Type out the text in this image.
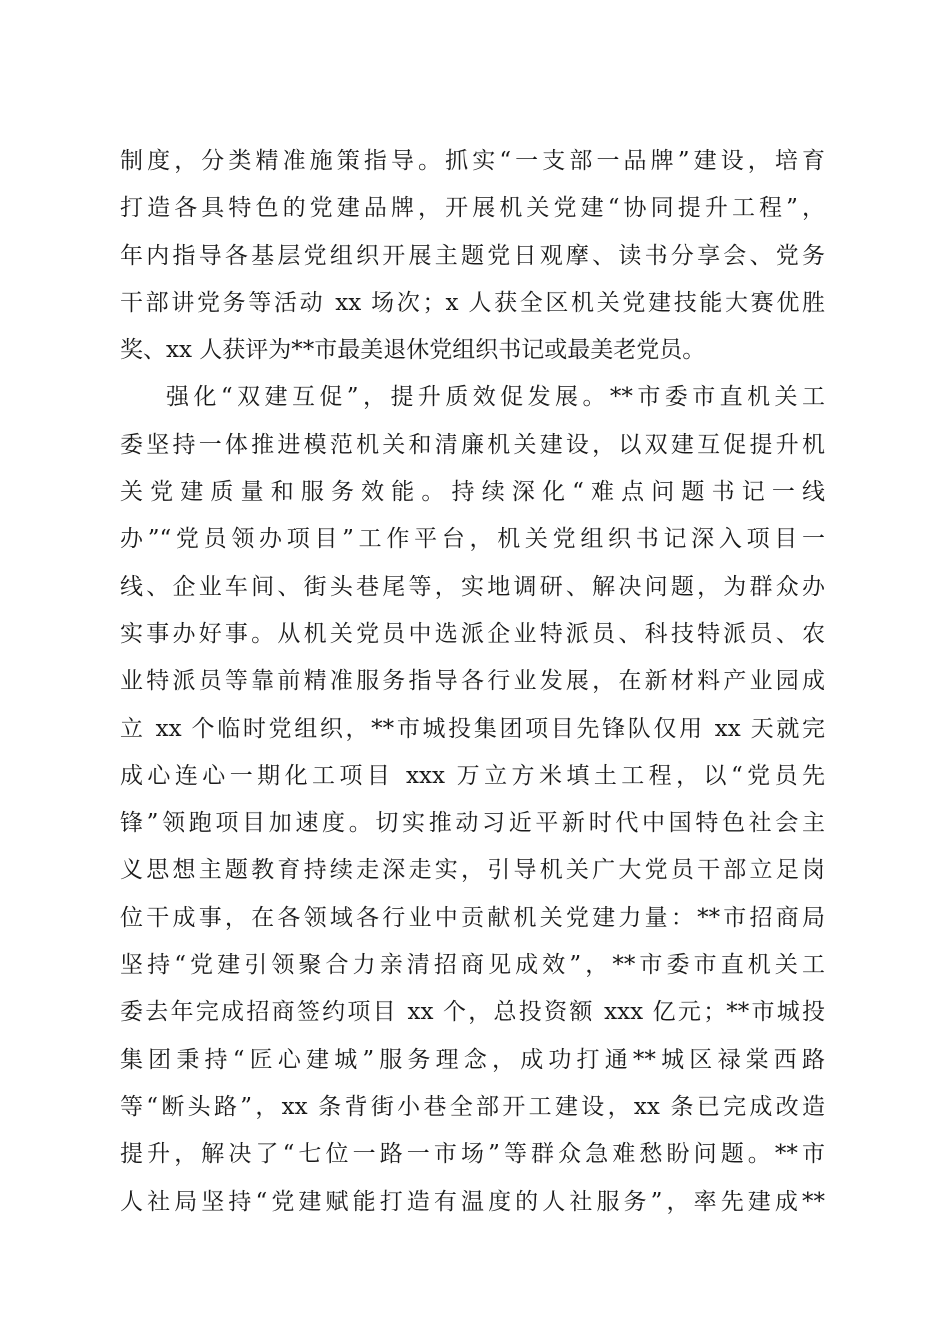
制度，分类精准施策指导。抓实“一支部一品牌”建设，培育
打造各具特色的党建品牌，开展机关党建“协同提升工程”，
年内指导各基层党组织开展主题党日观摩、读书分享会、党务
干部讲党务等活动 xx 场次；x 人获全区机关党建技能大赛优胜
奖、xx 人获评为**市最美退休党组织书记或最美老党员。
强化“双建互促”，提升质效促发展。**市委市直机关工
委坚持一体推进模范机关和清廉机关建设，以双建互促提升机
关党建质量和服务效能。持续深化“难点问题书记一线
办”“党员领办项目”工作平台，机关党组织书记深入项目一
线、企业车间、街头巷尾等，实地调研、解决问题，为群众办
实事办好事。从机关党员中选派企业特派员、科技特派员、农
业特派员等靠前精准服务指导各行业发展，在新材料产业园成
立 xx 个临时党组织，**市城投集团项目先锋队仅用 xx 天就完
成心连心一期化工项目 xxx 万立方米填土工程，以“党员先
锋”领跑项目加速度。切实推动习近平新时代中国特色社会主
义思想主题教育持续走深走实，引导机关广大党员干部立足岗
位干成事，在各领域各行业中贡献机关党建力量：**市招商局
坚持“党建引领聚合力亲清招商见成效”，**市委市直机关工
委去年完成招商签约项目 xx 个，总投资额 xxx 亿元；**市城投
集团秉持“匠心建城”服务理念，成功打通**城区禄棠西路
等“断头路”，xx 条背街小巷全部开工建设，xx 条已完成改造
提升，解决了“七位一路一市场”等群众急难愁盼问题。**市
人社局坚持“党建赋能打造有温度的人社服务”，率先建成**
